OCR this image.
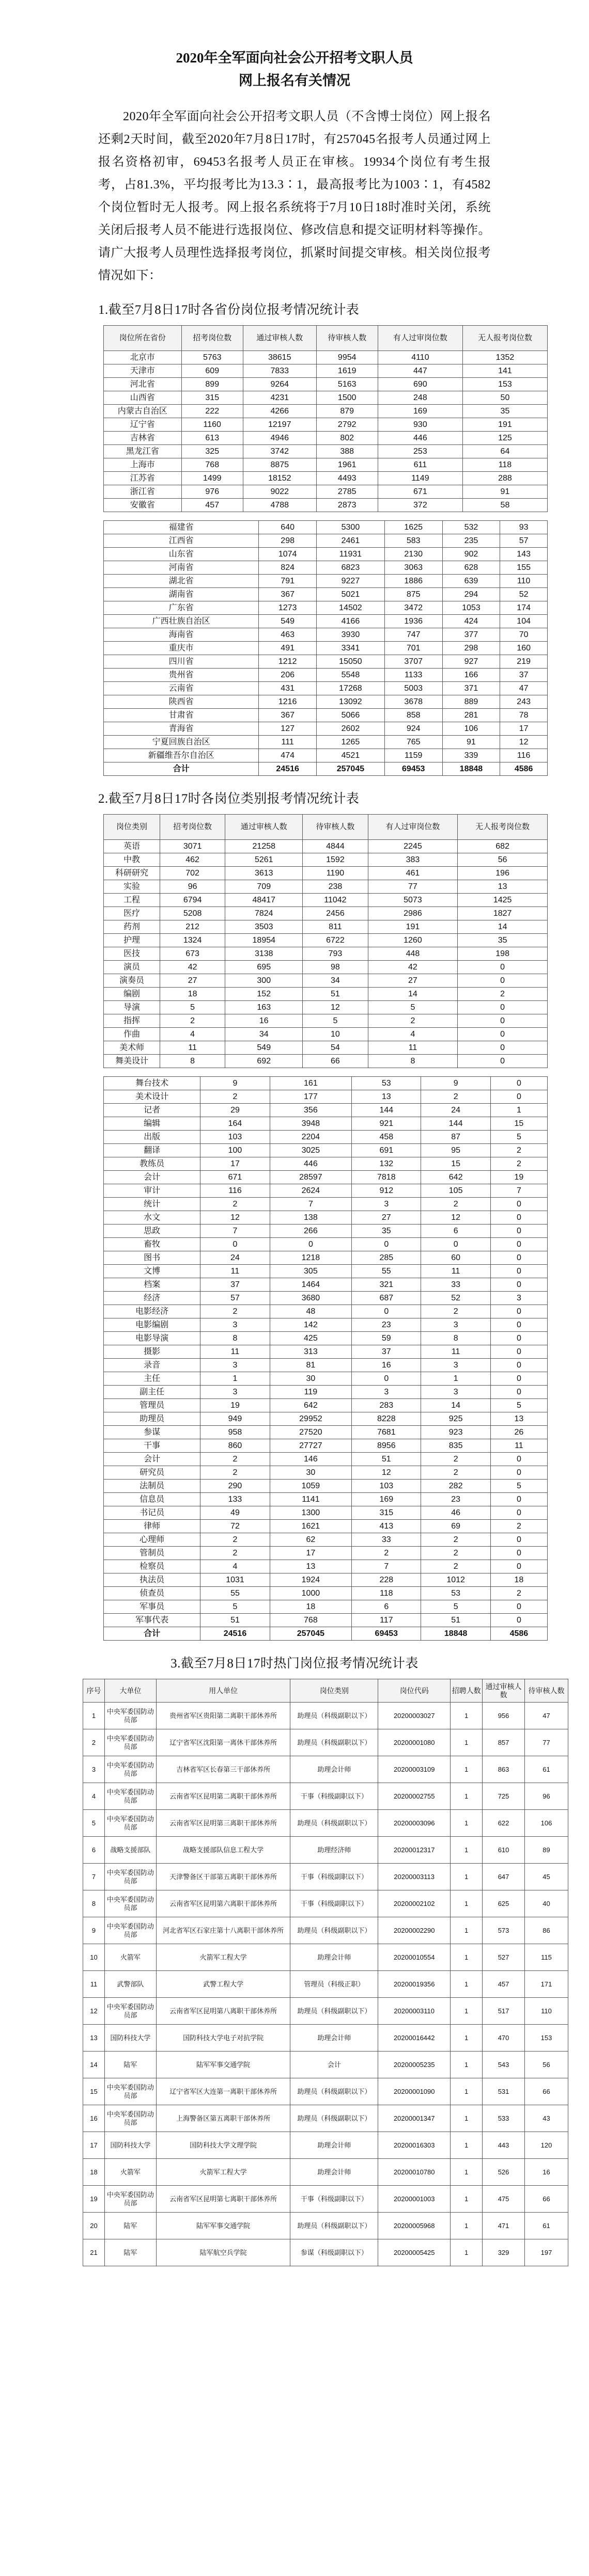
2020年全军面向社会公开招考文职人员
网上报名有关情况

2020年全军面向社会公开招考文职人员（不含博士岗位）网上报名还剩2天时间，截至2020年7月8日17时，有257045名报考人员通过网上报名资格初审，69453名报考人员正在审核。19934个岗位有考生报考，占81.3%，平均报考比为13.3∶1，最高报考比为1003∶1，有4582个岗位暂时无人报考。网上报名系统将于7月10日18时准时关闭，系统关闭后报考人员不能进行选报岗位、修改信息和提交证明材料等操作。请广大报考人员理性选择报考岗位，抓紧时间提交审核。相关岗位报考情况如下：

1.截至7月8日17时各省份岗位报考情况统计表

岗位所在省份	招考岗位数	通过审核人数	待审核人数	有人过审岗位数	无人报考岗位数
北京市	5763	38615	9954	4110	1352
天津市	609	7833	1619	447	141
河北省	899	9264	5163	690	153
山西省	315	4231	1500	248	50
内蒙古自治区	222	4266	879	169	35
辽宁省	1160	12197	2792	930	191
吉林省	613	4946	802	446	125
黑龙江省	325	3742	388	253	64
上海市	768	8875	1961	611	118
江苏省	1499	18152	4493	1149	288
浙江省	976	9022	2785	671	91
安徽省	457	4788	2873	372	58
福建省	640	5300	1625	532	93
江西省	298	2461	583	235	57
山东省	1074	11931	2130	902	143
河南省	824	6823	3063	628	155
湖北省	791	9227	1886	639	110
湖南省	367	5021	875	294	52
广东省	1273	14502	3472	1053	174
广西壮族自治区	549	4166	1936	424	104
海南省	463	3930	747	377	70
重庆市	491	3341	701	298	160
四川省	1212	15050	3707	927	219
贵州省	206	5548	1133	166	37
云南省	431	17268	5003	371	47
陕西省	1216	13092	3678	889	243
甘肃省	367	5066	858	281	78
青海省	127	2602	924	106	17
宁夏回族自治区	111	1265	765	91	12
新疆维吾尔自治区	474	4521	1159	339	116
合计	24516	257045	69453	18848	4586

2.截至7月8日17时各岗位类别报考情况统计表

岗位类别	招考岗位数	通过审核人数	待审核人数	有人过审岗位数	无人报考岗位数
英语	3071	21258	4844	2245	682
中教	462	5261	1592	383	56
科研研究	702	3613	1190	461	196
实验	96	709	238	77	13
工程	6794	48417	11042	5073	1425
医疗	5208	7824	2456	2986	1827
药剂	212	3503	811	191	14
护理	1324	18954	6722	1260	35
医技	673	3138	793	448	198
演员	42	695	98	42	0
演奏员	27	300	34	27	0
编剧	18	152	51	14	2
导演	5	163	12	5	0
指挥	2	16	5	2	0
作曲	4	34	10	4	0
美术师	11	549	54	11	0
舞美设计	8	692	66	8	0
舞台技术	9	161	53	9	0
美术设计	2	177	13	2	0
记者	29	356	144	24	1
编辑	164	3948	921	144	15
出版	103	2204	458	87	5
翻译	100	3025	691	95	2
教练员	17	446	132	15	2
会计	671	28597	7818	642	19
审计	116	2624	912	105	7
统计	2	7	3	2	0
水文	12	138	27	12	0
思政	7	266	35	6	0
畜牧	0	0	0	0	0
图书	24	1218	285	60	0
文博	11	305	55	11	0
档案	37	1464	321	33	0
经济	57	3680	687	52	3
电影经济	2	48	0	2	0
电影编剧	3	142	23	3	0
电影导演	8	425	59	8	0
摄影	11	313	37	11	0
录音	3	81	16	3	0
主任	1	30	0	1	0
副主任	3	119	3	3	0
管理员	19	642	283	14	5
助理员	949	29952	8228	925	13
参谋	958	27520	7681	923	26
干事	860	27727	8956	835	11
会计	2	146	51	2	0
研究员	2	30	12	2	0
法制员	290	1059	103	282	5
信息员	133	1141	169	23	0
书记员	49	1300	315	46	0
律师	72	1621	413	69	2
心理师	2	62	33	2	0
管制员	2	17	2	2	0
检察员	4	13	7	2	0
执法员	1031	1924	228	1012	18
侦查员	55	1000	118	53	2
军事员	5	18	6	5	0
军事代表	51	768	117	51	0
合计	24516	257045	69453	18848	4586

3.截至7月8日17时热门岗位报考情况统计表

序号	大单位	用人单位	岗位类别	岗位代码	招聘人数	通过审核人数	待审核人数
1	中央军委国防动员部	贵州省军区贵阳第二离职干部休养所	助理员（科级副职以下）	20200003027	1	956	47
2	中央军委国防动员部	辽宁省军区沈阳第一离休干部休养所	助理员（科级副职以下）	20200001080	1	857	77
3	中央军委国防动员部	吉林省军区长春第三干部休养所	助理会计师	20200003109	1	863	61
4	中央军委国防动员部	云南省军区昆明第二离职干部休养所	干事（科级副职以下）	20200002755	1	725	96
5	中央军委国防动员部	云南省军区昆明第三离职干部休养所	助理员（科级副职以下）	20200003096	1	622	106
6	战略支援部队	战略支援部队信息工程大学	助理经济师	20200012317	1	610	89
7	中央军委国防动员部	天津警备区干部第五离职干部休养所	干事（科级副职以下）	20200003113	1	647	45
8	中央军委国防动员部	云南省军区昆明第六离职干部休养所	干事（科级副职以下）	20200002102	1	625	40
9	中央军委国防动员部	河北省军区石家庄第十八离职干部休养所	助理员（科级副职以下）	20200002290	1	573	86
10	火箭军	火箭军工程大学	助理会计师	20200010554	1	527	115
11	武警部队	武警工程大学	管理员（科级正职）	20200019356	1	457	171
12	中央军委国防动员部	云南省军区昆明第八离职干部休养所	助理员（科级副职以下）	20200003110	1	517	110
13	国防科技大学	国防科技大学电子对抗学院	助理会计师	20200016442	1	470	153
14	陆军	陆军军事交通学院	会计	20200005235	1	543	56
15	中央军委国防动员部	辽宁省军区大连第一离职干部休养所	助理员（科级副职以下）	20200001090	1	531	66
16	中央军委国防动员部	上海警备区第五离职干部休养所	助理员（科级副职以下）	20200001347	1	533	43
17	国防科技大学	国防科技大学文理学院	助理会计师	20200016303	1	443	120
18	火箭军	火箭军工程大学	助理会计师	20200010780	1	526	16
19	中央军委国防动员部	云南省军区昆明第七离职干部休养所	干事（科级副职以下）	20200001003	1	475	66
20	陆军	陆军军事交通学院	助理员（科级副职以下）	20200005968	1	471	61
21	陆军	陆军航空兵学院	参谋（科级副职以下）	20200005425	1	329	197
